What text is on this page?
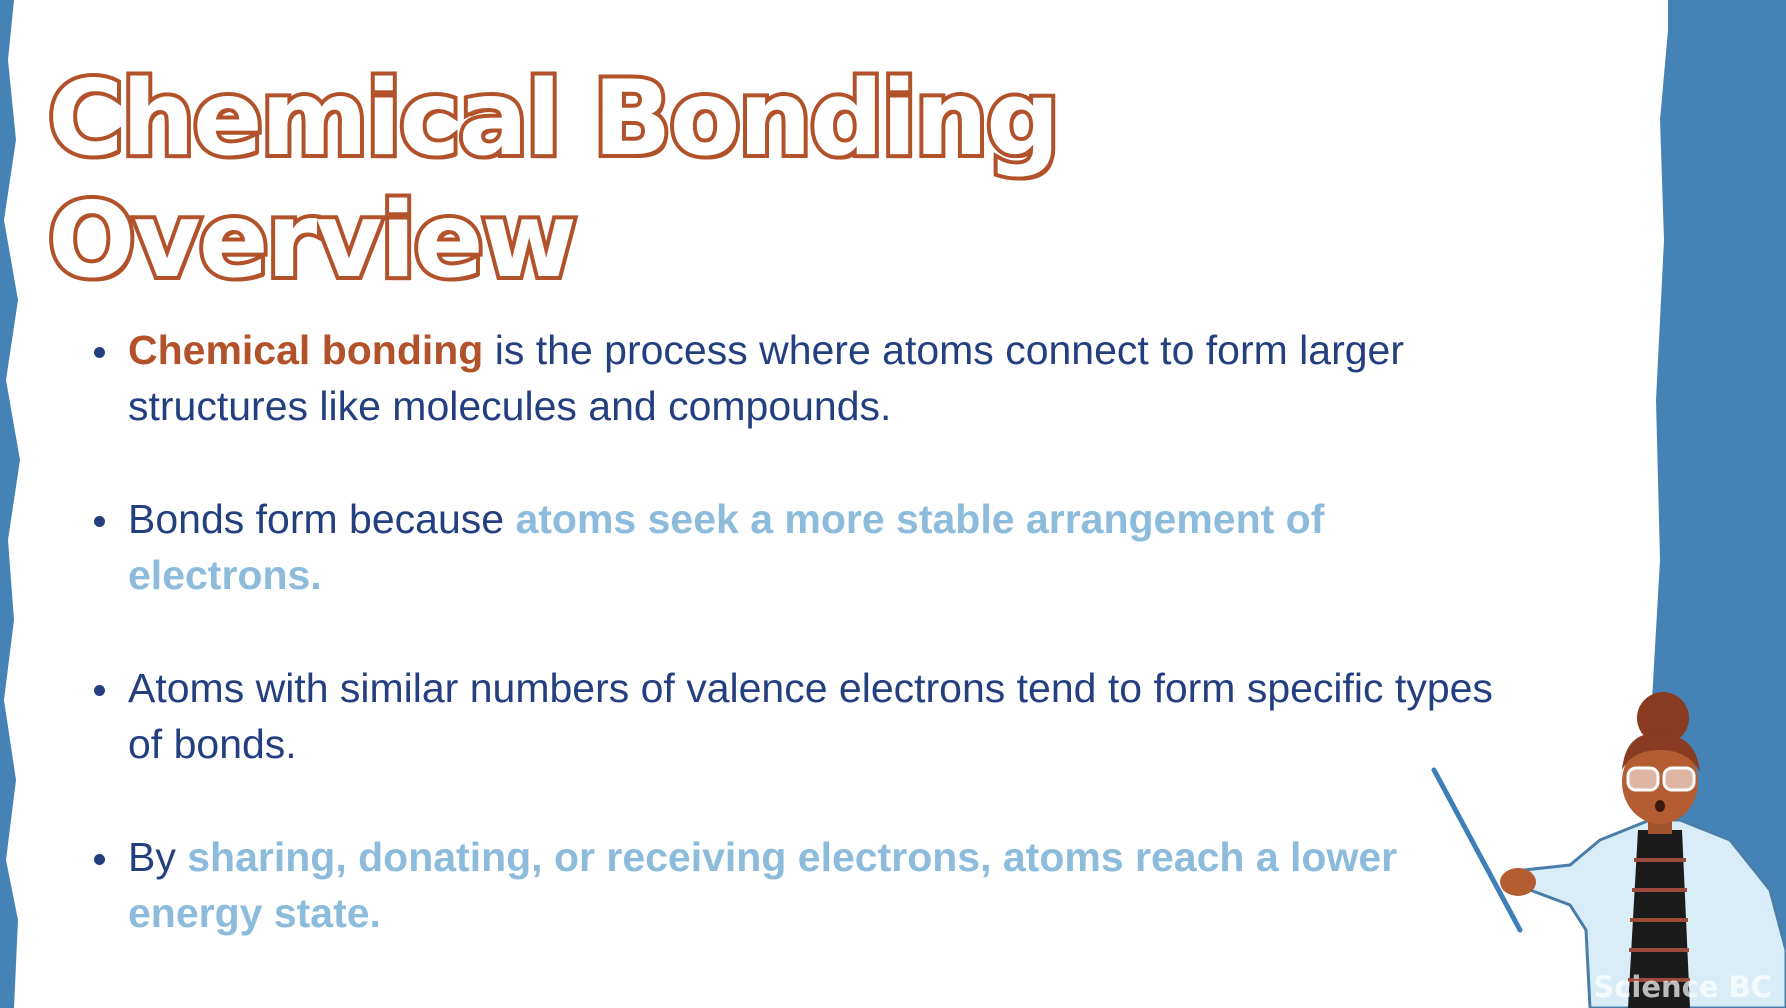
Chemical Bonding
Overview
Chemical bonding is the process where atoms connect to form larger structures like molecules and compounds.
Bonds form because atoms seek a more stable arrangement of electrons.
Atoms with similar numbers of valence electrons tend to form specific types of bonds.
By sharing, donating, or receiving electrons, atoms reach a lower energy state.
© Science BC
